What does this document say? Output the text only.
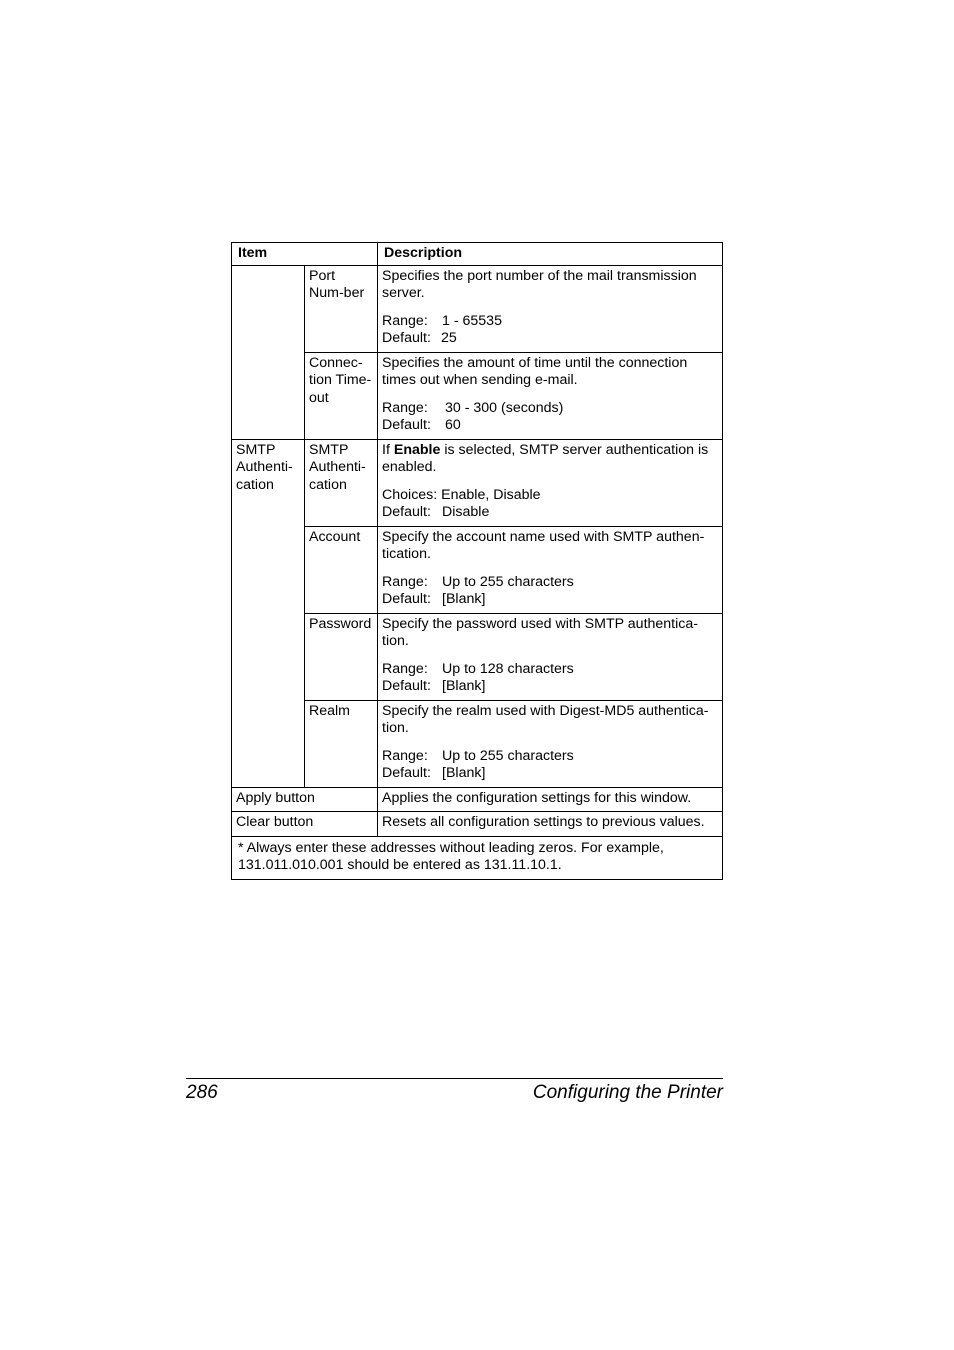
Item		Description
	Port Num-ber	Specifies the port number of the mail transmission server.

Range: 1 - 65535

Default: 25

	Connec-tion Time-out	Specifies the amount of time until the connection times out when sending e-mail.

Range: 30 - 300 (seconds)

Default: 60

SMTP Authenti-cation	SMTP Authenti-cation	If Enable is selected, SMTP server authentication is enabled.

Choices: Enable, Disable

Default: Disable

	Account	Specify the account name used with SMTP authen-tication.

Range: Up to 255 characters

Default: [Blank]

	Password	Specify the password used with SMTP authentica-tion.

Range: Up to 128 characters

Default: [Blank]

	Realm	Specify the realm used with Digest-MD5 authentica-tion.

Range: Up to 255 characters

Default: [Blank]

Apply button		Applies the configuration settings for this window.
Clear button		Resets all configuration settings to previous values.
* Always enter these addresses without leading zeros. For example, 131.011.010.001 should be entered as 131.11.10.1.		
286	Configuring the Printer
